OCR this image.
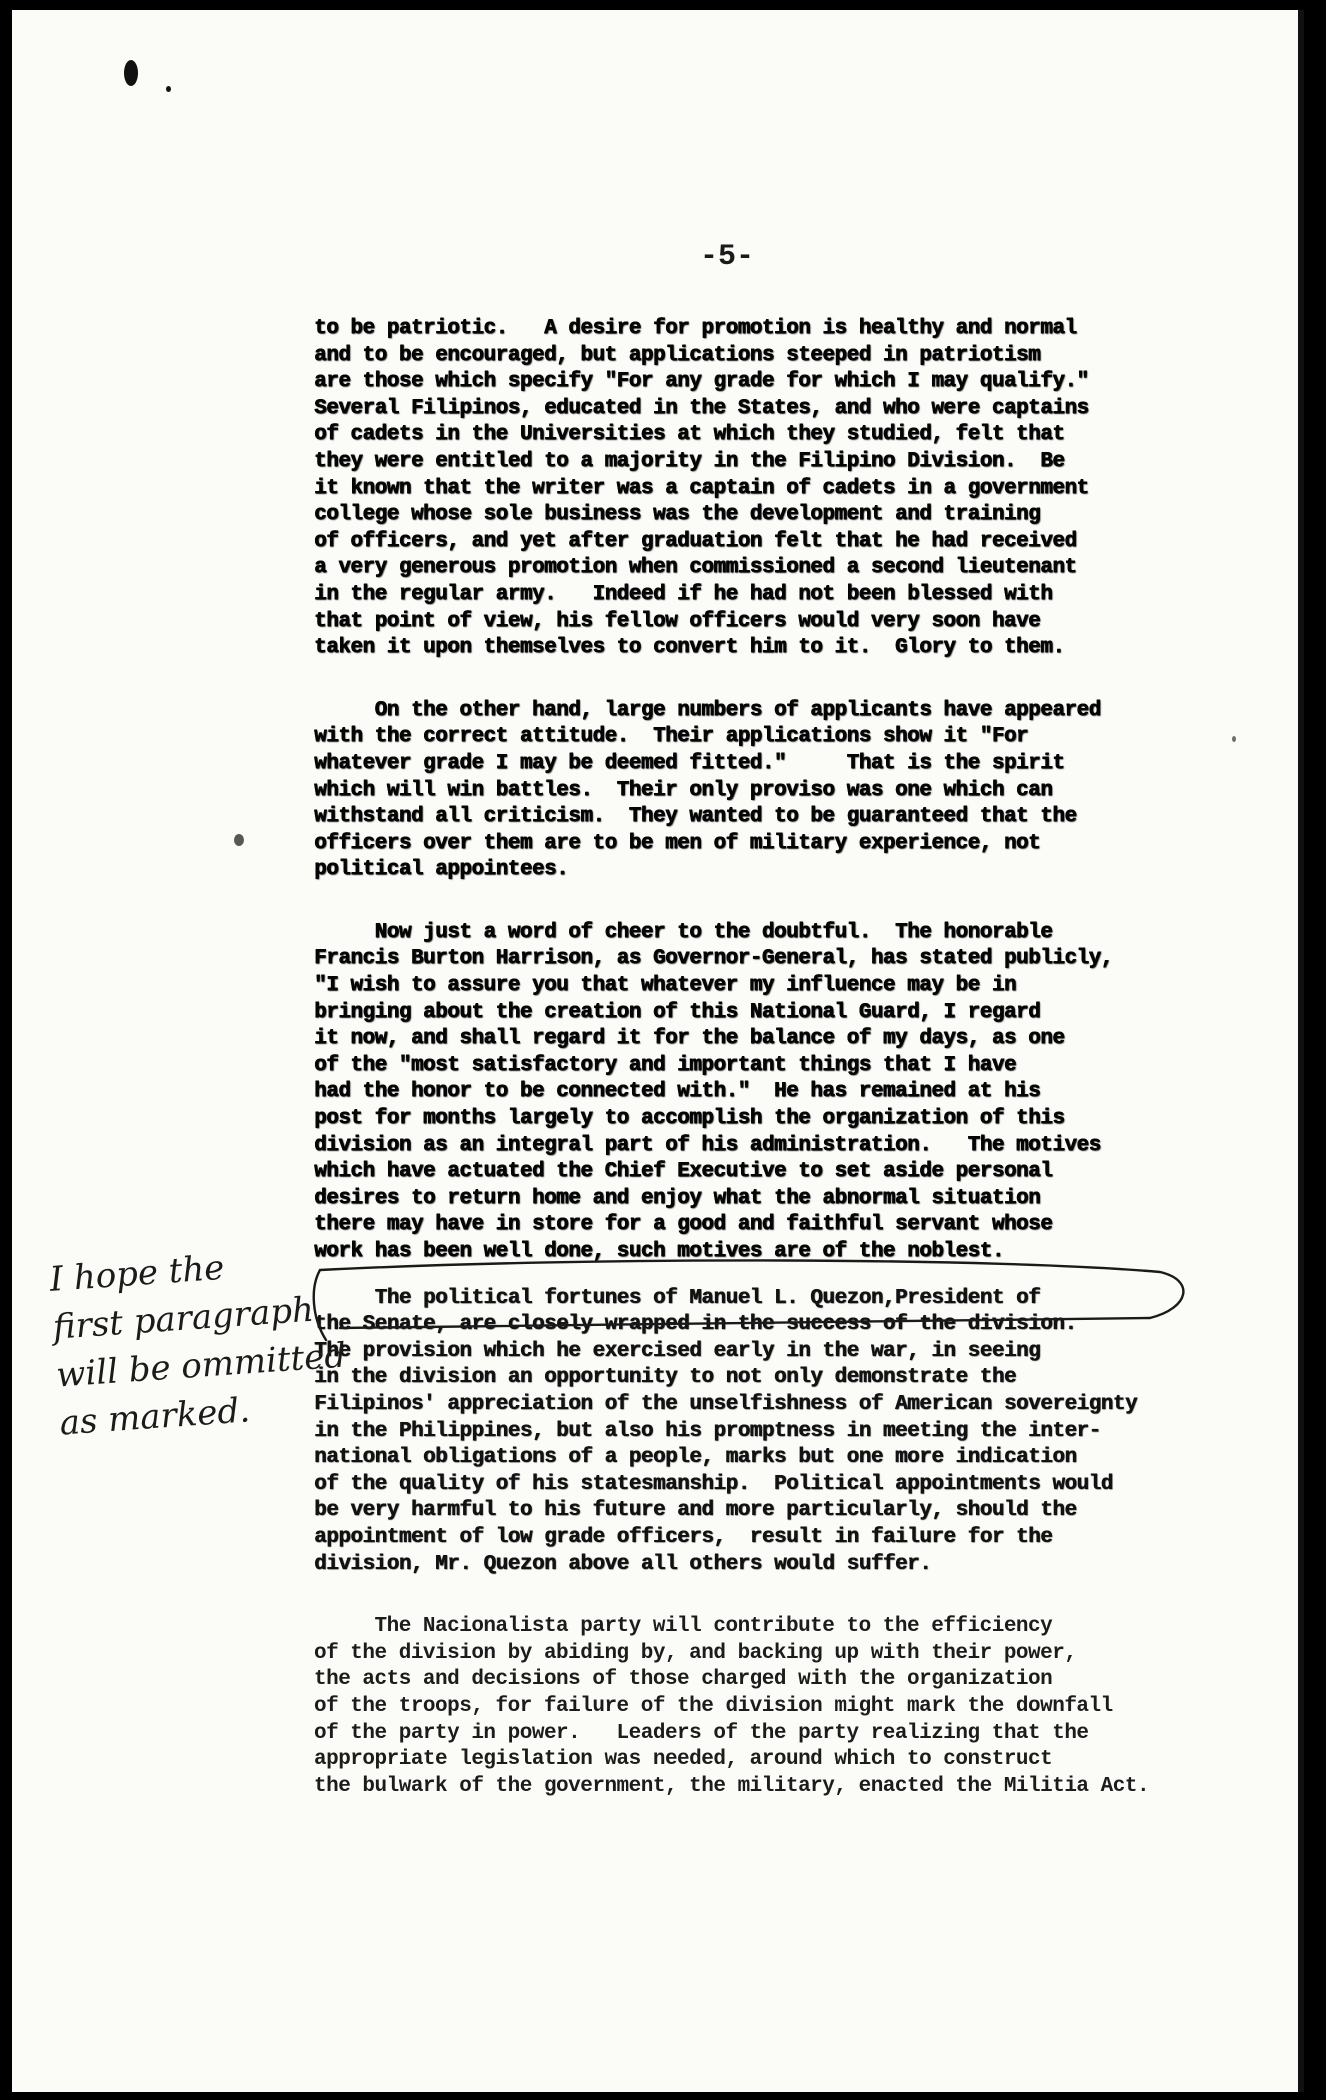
-5-

to be patriotic.   A desire for promotion is healthy and normal
and to be encouraged, but applications steeped in patriotism
are those which specify "For any grade for which I may qualify."
Several Filipinos, educated in the States, and who were captains
of cadets in the Universities at which they studied, felt that
they were entitled to a majority in the Filipino Division.  Be
it known that the writer was a captain of cadets in a government
college whose sole business was the development and training
of officers, and yet after graduation felt that he had received
a very generous promotion when commissioned a second lieutenant
in the regular army.   Indeed if he had not been blessed with
that point of view, his fellow officers would very soon have
taken it upon themselves to convert him to it.  Glory to them.

On the other hand, large numbers of applicants have appeared
with the correct attitude.  Their applications show it "For
whatever grade I may be deemed fitted."     That is the spirit
which will win battles.  Their only proviso was one which can
withstand all criticism.  They wanted to be guaranteed that the
officers over them are to be men of military experience, not
political appointees.

Now just a word of cheer to the doubtful.  The honorable
Francis Burton Harrison, as Governor-General, has stated publicly,
"I wish to assure you that whatever my influence may be in
bringing about the creation of this National Guard, I regard
it now, and shall regard it for the balance of my days, as one
of the "most satisfactory and important things that I have
had the honor to be connected with."  He has remained at his
post for months largely to accomplish the organization of this
division as an integral part of his administration.   The motives
which have actuated the Chief Executive to set aside personal
desires to return home and enjoy what the abnormal situation
there may have in store for a good and faithful servant whose
work has been well done, such motives are of the noblest.

The political fortunes of Manuel L. Quezon,President of
the Senate, are closely wrapped in the success of the division.
The provision which he exercised early in the war, in seeing
in the division an opportunity to not only demonstrate the
Filipinos' appreciation of the unselfishness of American sovereignty
in the Philippines, but also his promptness in meeting the inter-
national obligations of a people, marks but one more indication
of the quality of his statesmanship.  Political appointments would
be very harmful to his future and more particularly, should the
appointment of low grade officers,  result in failure for the
division, Mr. Quezon above all others would suffer.

The Nacionalista party will contribute to the efficiency
of the division by abiding by, and backing up with their power,
the acts and decisions of those charged with the organization
of the troops, for failure of the division might mark the downfall
of the party in power.   Leaders of the party realizing that the
appropriate legislation was needed, around which to construct
the bulwark of the government, the military, enacted the Militia Act.

I hope the
first paragraph
will be ommitted
as marked.
